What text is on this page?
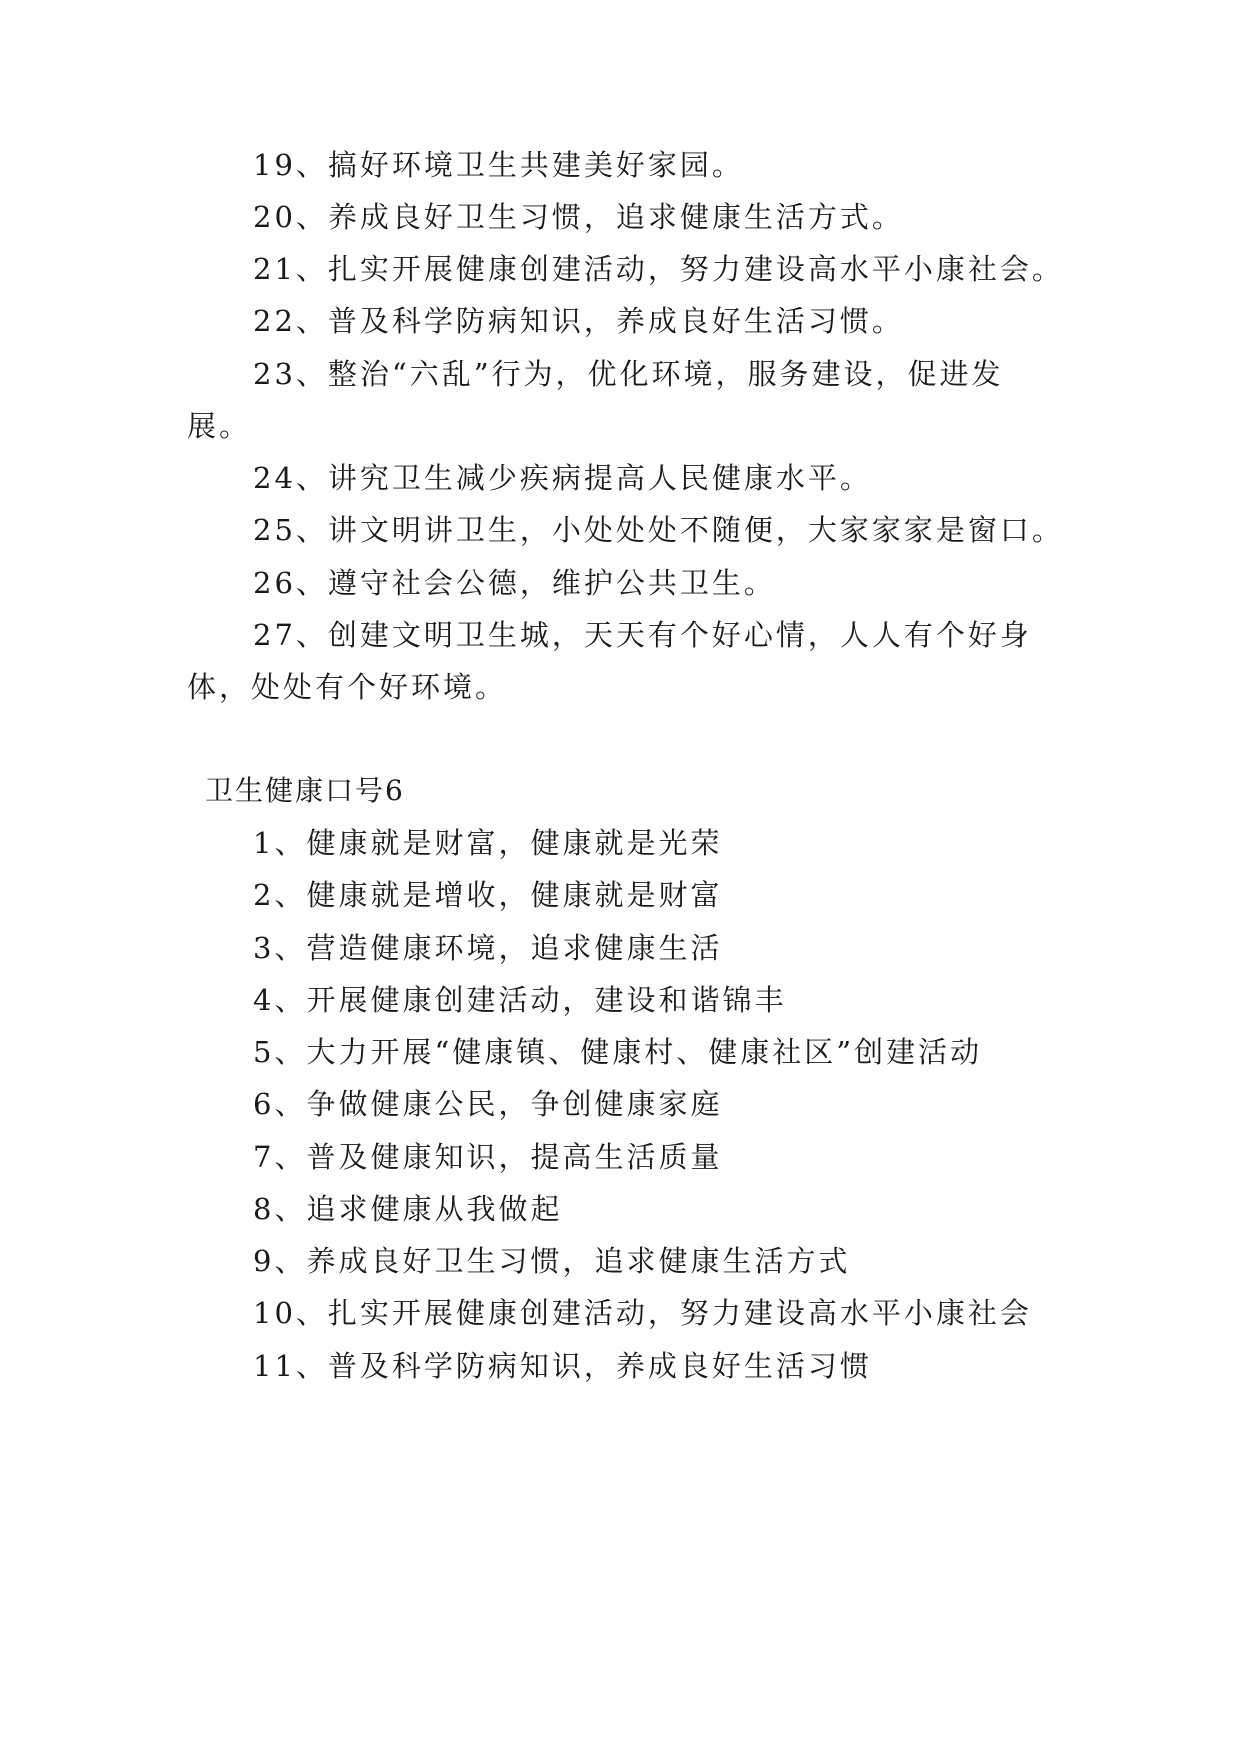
19、搞好环境卫生共建美好家园。
20、养成良好卫生习惯，追求健康生活方式。
21、扎实开展健康创建活动，努力建设高水平小康社会。
22、普及科学防病知识，养成良好生活习惯。
23、整治“六乱”行为，优化环境，服务建设，促进发
展。
24、讲究卫生减少疾病提高人民健康水平。
25、讲文明讲卫生，小处处处不随便，大家家家是窗口。
26、遵守社会公德，维护公共卫生。
27、创建文明卫生城，天天有个好心情，人人有个好身
体，处处有个好环境。
卫生健康口号6
1、健康就是财富，健康就是光荣
2、健康就是增收，健康就是财富
3、营造健康环境，追求健康生活
4、开展健康创建活动，建设和谐锦丰
5、大力开展“健康镇、健康村、健康社区”创建活动
6、争做健康公民，争创健康家庭
7、普及健康知识，提高生活质量
8、追求健康从我做起
9、养成良好卫生习惯，追求健康生活方式
10、扎实开展健康创建活动，努力建设高水平小康社会
11、普及科学防病知识，养成良好生活习惯
